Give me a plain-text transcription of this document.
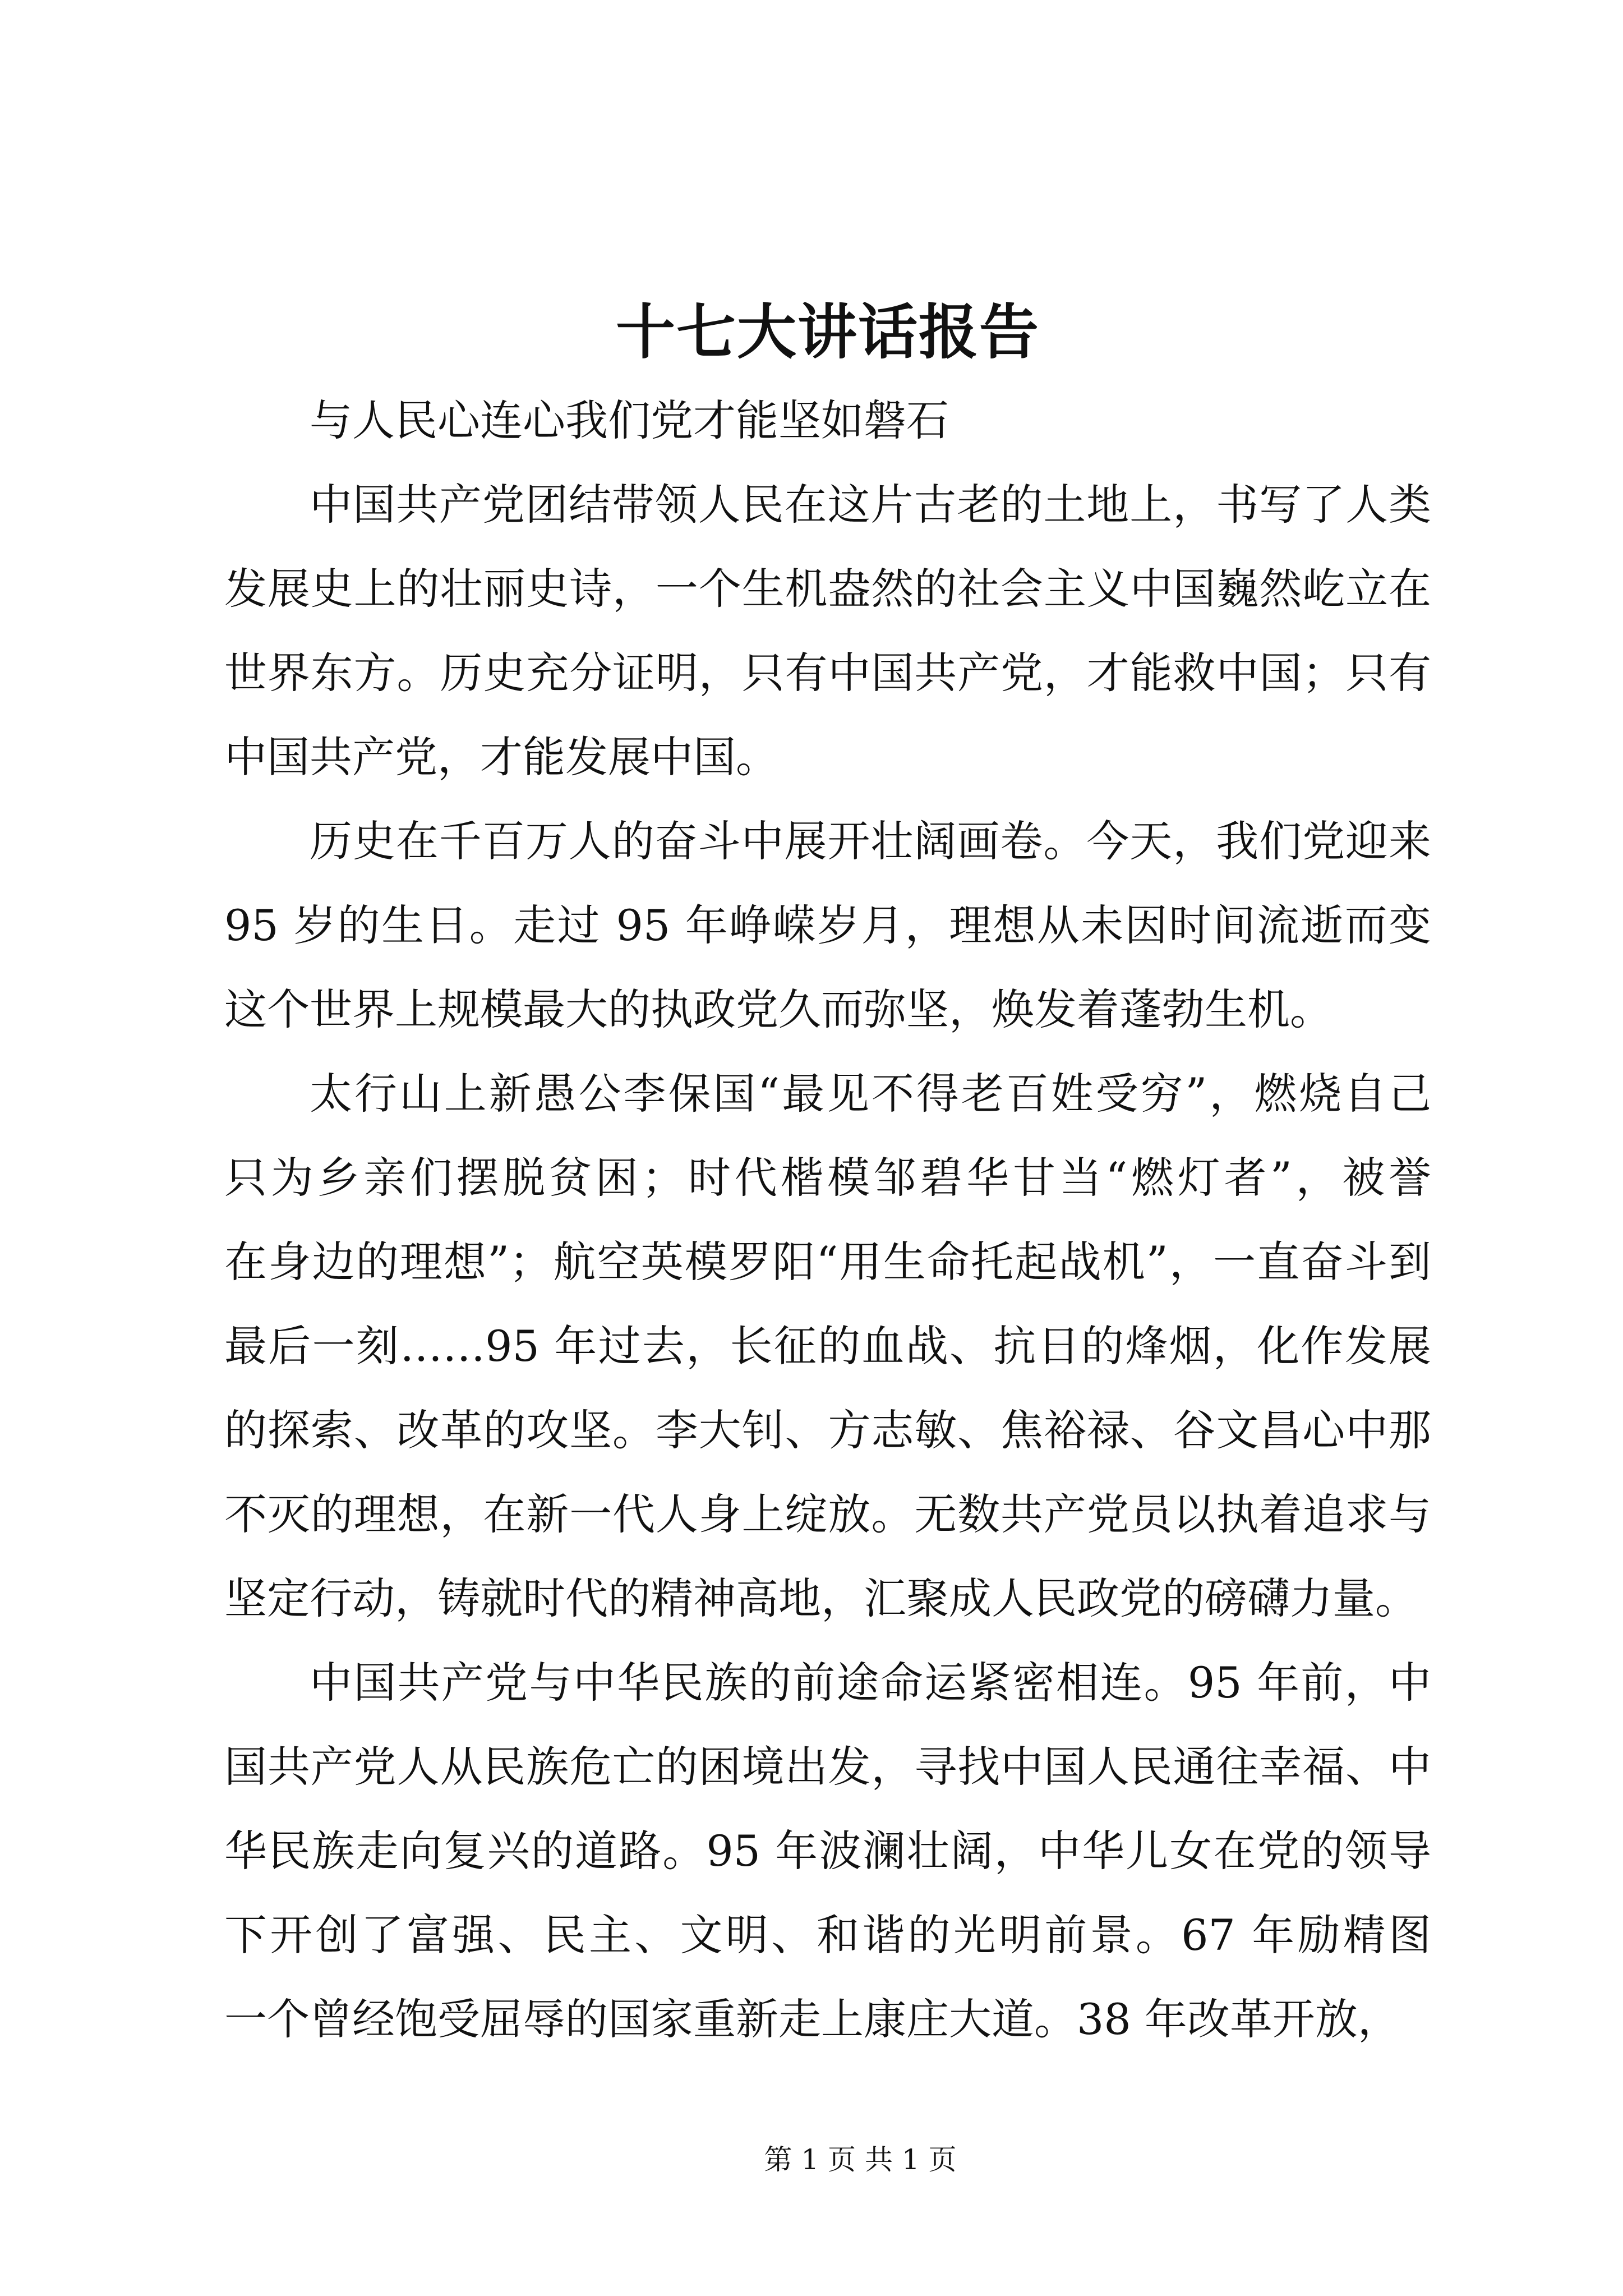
十七大讲话报告
与人民心连心我们党才能坚如磐石
中国共产党团结带领人民在这片古老的土地上，书写了人类
发展史上的壮丽史诗，一个生机盎然的社会主义中国巍然屹立在
世界东方。历史充分证明，只有中国共产党，才能救中国；只有
中国共产党，才能发展中国。
历史在千百万人的奋斗中展开壮阔画卷。今天，我们党迎来
95 岁的生日。走过 95 年峥嵘岁月，理想从未因时间流逝而变
这个世界上规模最大的执政党久而弥坚，焕发着蓬勃生机。
太行山上新愚公李保国“最见不得老百姓受穷”，燃烧自己
只为乡亲们摆脱贫困；时代楷模邹碧华甘当“燃灯者”，被誉
在身边的理想”；航空英模罗阳“用生命托起战机”，一直奋斗到
最后一刻……95 年过去，长征的血战、抗日的烽烟，化作发展
的探索、改革的攻坚。李大钊、方志敏、焦裕禄、谷文昌心中那
不灭的理想，在新一代人身上绽放。无数共产党员以执着追求与
坚定行动，铸就时代的精神高地，汇聚成人民政党的磅礴力量。
中国共产党与中华民族的前途命运紧密相连。95 年前，中
国共产党人从民族危亡的困境出发，寻找中国人民通往幸福、中
华民族走向复兴的道路。95 年波澜壮阔，中华儿女在党的领导
下开创了富强、民主、文明、和谐的光明前景。67 年励精图
一个曾经饱受屈辱的国家重新走上康庄大道。38 年改革开放，
第 1 页 共 1 页
